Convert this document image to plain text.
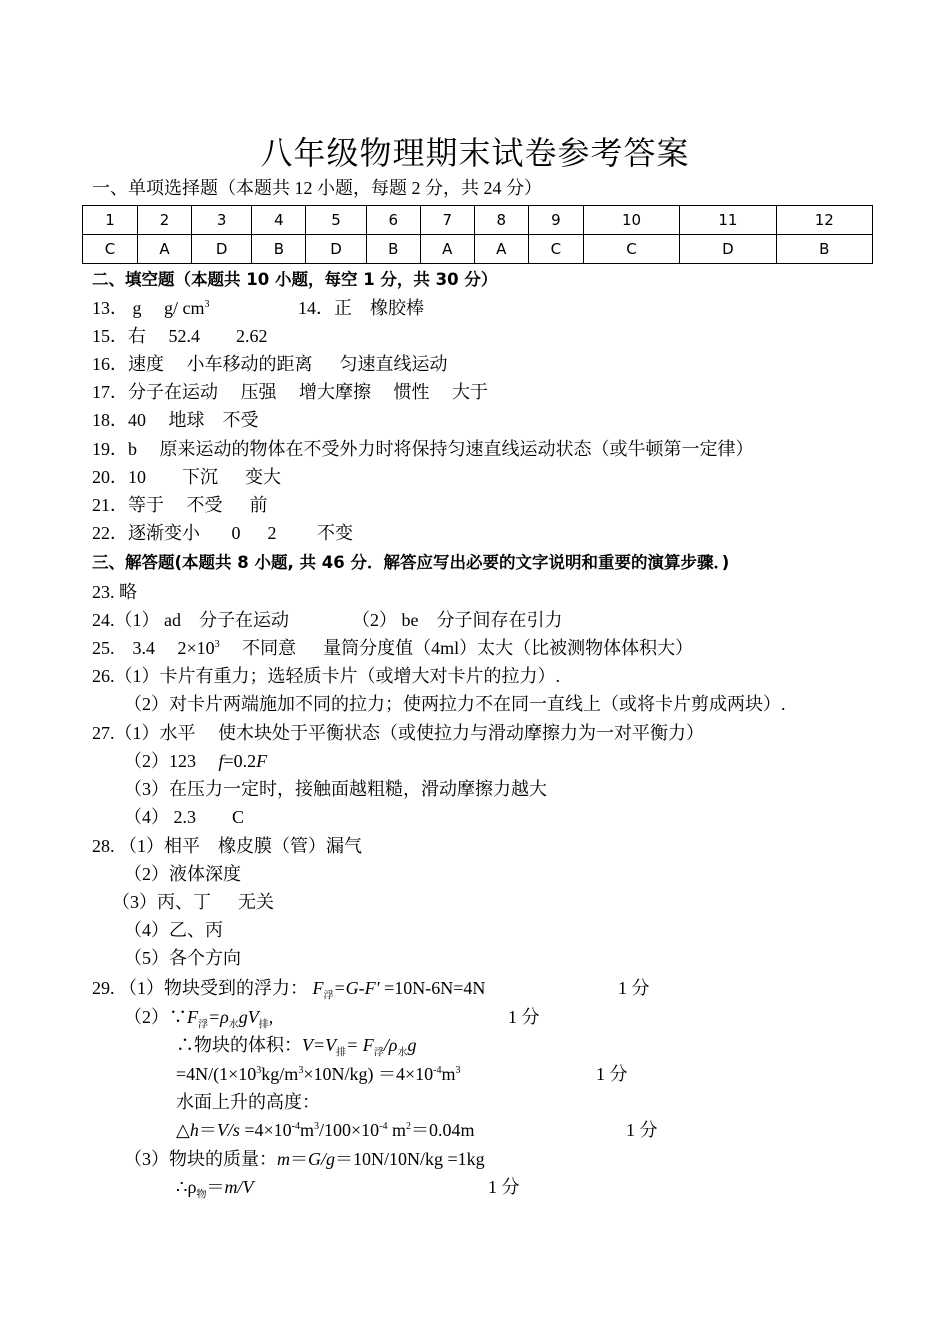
八年级物理期末试卷参考答案
一、单项选择题（本题共 12 小题，每题 2 分，共 24 分）
1	2	3	4	5	6	7	8	9	10	11	12
C	A	D	B	D	B	A	A	C	C	D	B
二、填空题（本题共 10 小题，每空 1 分，共 30 分）
13． g　 g/ $cm^3$	14．正　橡胶棒
15．右　 52.4　　2.62
16．速度　 小车移动的距离　  匀速直线运动
17．分子在运动　 压强　 增大摩擦　 惯性　 大于
18．40　 地球　不受
19．b　 原来运动的物体在不受外力时将保持匀速直线运动状态（或牛顿第一定律）
20．10　　下沉　  变大
21．等于　 不受　  前
22．逐渐变小　   0　  2　　 不变
三、解答题(本题共 8 小题, 共 46 分．解答应写出必要的文字说明和重要的演算步骤．)
23. 略
24.（1） ad　分子在运动　　　　（2） be　分子间存在引力
25.　3.4　 $2\times 10^3$　 不同意　  量筒分度值（4ml）太大（比被测物体体积大）
26.（1）卡片有重力；选轻质卡片（或增大对卡片的拉力）.
（2）对卡片两端施加不同的拉力；使两拉力不在同一直线上（或将卡片剪成两块）.
27.（1）水平　 使木块处于平衡状态（或使拉力与滑动摩擦力为一对平衡力）
（2）123　 f=0.2F
（3）在压力一定时，接触面越粗糙，滑动摩擦力越大
（4） 2.3　　C
28. （1）相平　橡皮膜（管）漏气
（2）液体深度
（3）丙、丁　  无关
（4）乙、丙
（5）各个方向
29. （1）物块受到的浮力： $F_浮=G-F' =10N-6N=4N$	1 分
$(2)\because F_浮=\rho_水gV_排$,	1 分
∴物块的体积：$V=V_排= F_浮/\rho_水g$
$=4N/(1\times 10^3kg/m^3\times 10N/kg) =4\times 10^{-4}m^3$	1 分
水面上升的高度：
△h＝V/s $=4\times 10^{-4}m^3/100\times 10^{-4}$ $m^2=0.04m$	1 分
（3）物块的质量：m＝G/g＝10N/10N/kg =1kg
$\therefore\rho_物=m/V$	1 分
